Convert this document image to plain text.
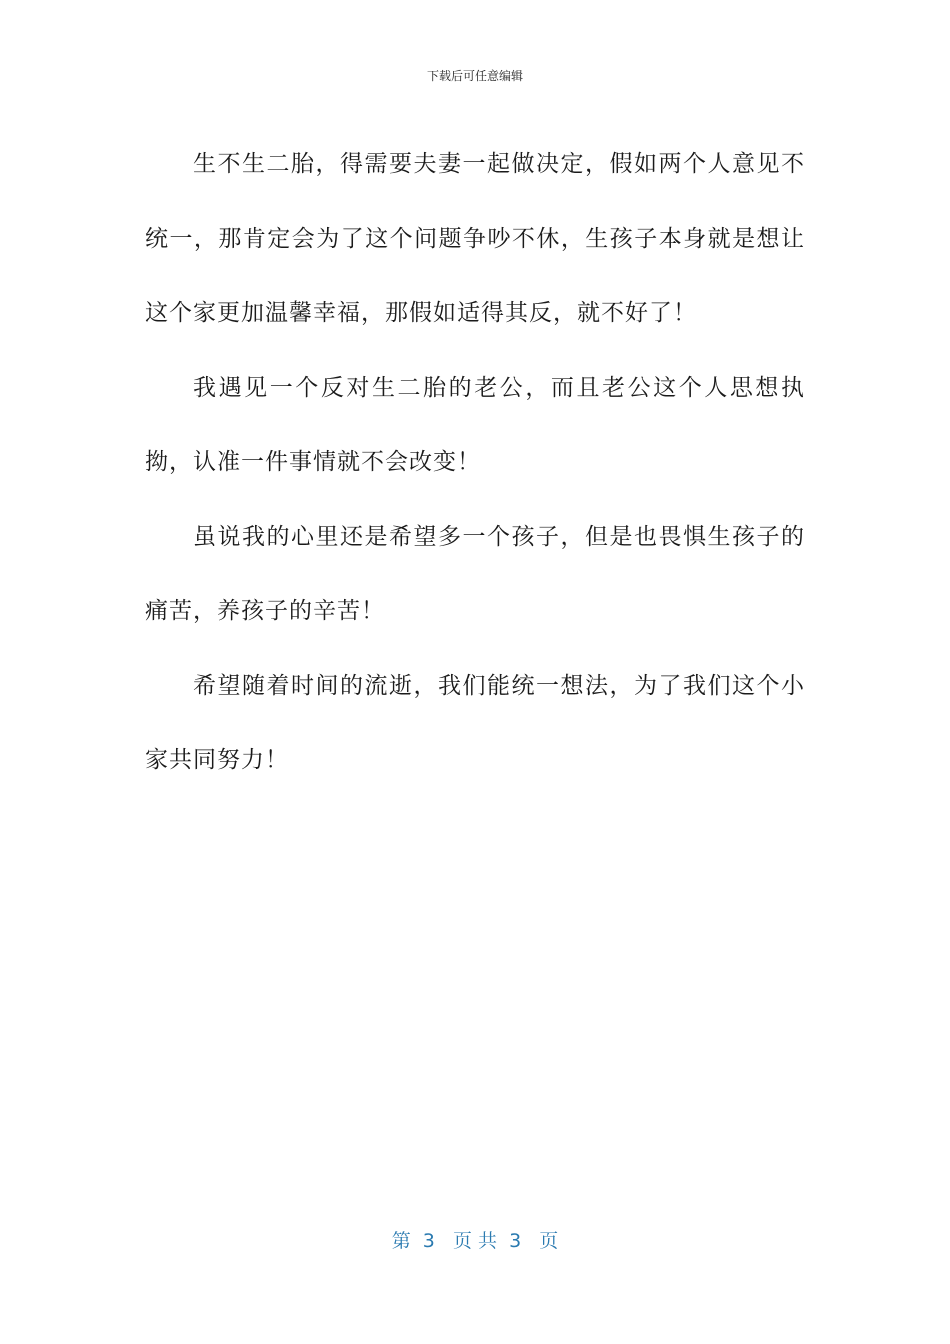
下载后可任意编辑

生不生二胎，得需要夫妻一起做决定，假如两个人意见不统一，那肯定会为了这个问题争吵不休，生孩子本身就是想让这个家更加温馨幸福，那假如适得其反，就不好了！

我遇见一个反对生二胎的老公，而且老公这个人思想执拗，认准一件事情就不会改变！

虽说我的心里还是希望多一个孩子，但是也畏惧生孩子的痛苦，养孩子的辛苦！

希望随着时间的流逝，我们能统一想法，为了我们这个小家共同努力！

第  3   页 共  3   页
